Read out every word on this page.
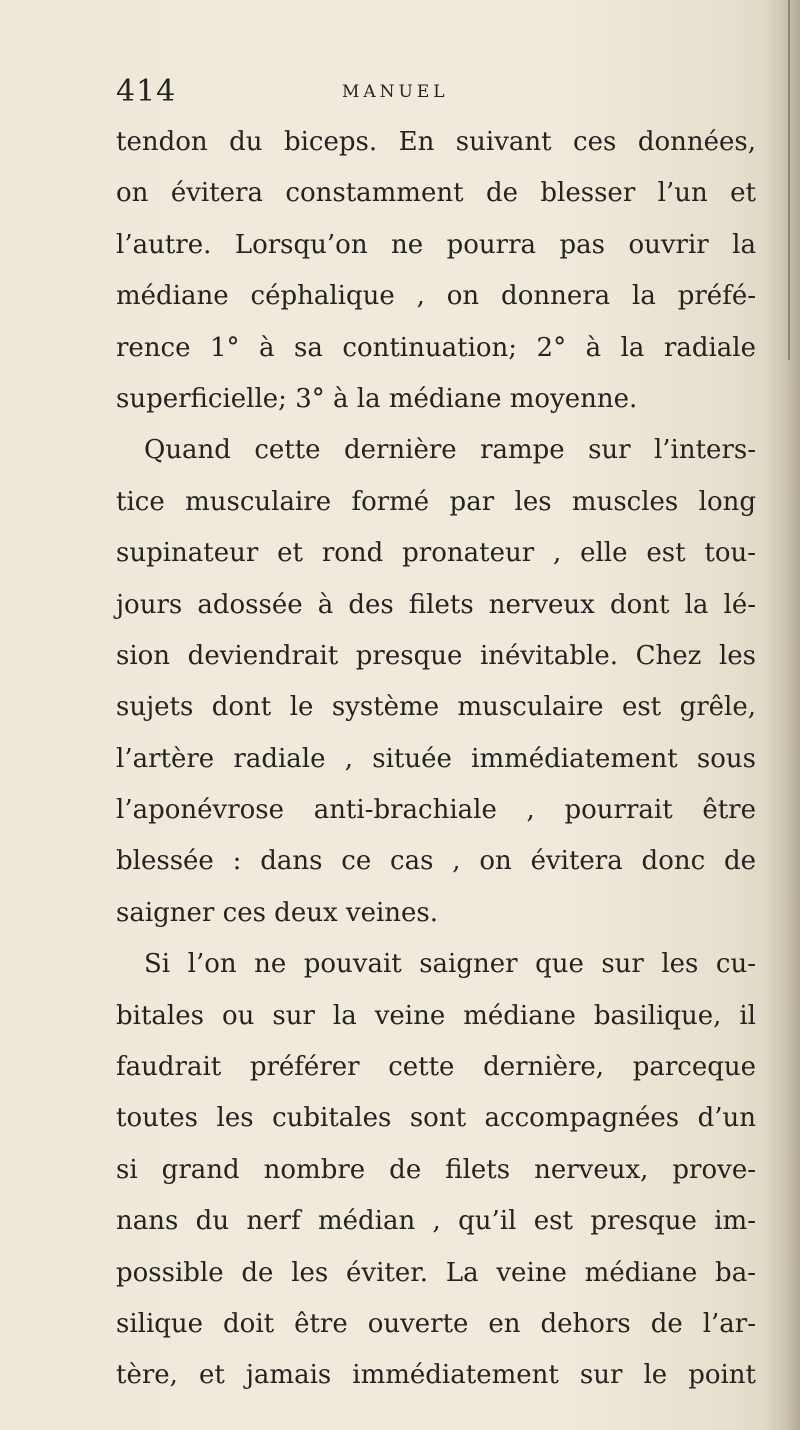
414	MANUEL
tendon du biceps. En suivant ces données,
on évitera constamment de blesser l’un et
l’autre. Lorsqu’on ne pourra pas ouvrir la
médiane céphalique , on donnera la préfé-
rence 1° à sa continuation; 2° à la radiale
superficielle; 3° à la médiane moyenne.
Quand cette dernière rampe sur l’inters-
tice musculaire formé par les muscles long
supinateur et rond pronateur , elle est tou-
jours adossée à des filets nerveux dont la lé-
sion deviendrait presque inévitable. Chez les
sujets dont le système musculaire est grêle,
l’artère radiale , située immédiatement sous
l’aponévrose anti-brachiale , pourrait être
blessée : dans ce cas , on évitera donc de
saigner ces deux veines.
Si l’on ne pouvait saigner que sur les cu-
bitales ou sur la veine médiane basilique, il
faudrait préférer cette dernière, parceque
toutes les cubitales sont accompagnées d’un
si grand nombre de filets nerveux, prove-
nans du nerf médian , qu’il est presque im-
possible de les éviter. La veine médiane ba-
silique doit être ouverte en dehors de l’ar-
tère, et jamais immédiatement sur le point
